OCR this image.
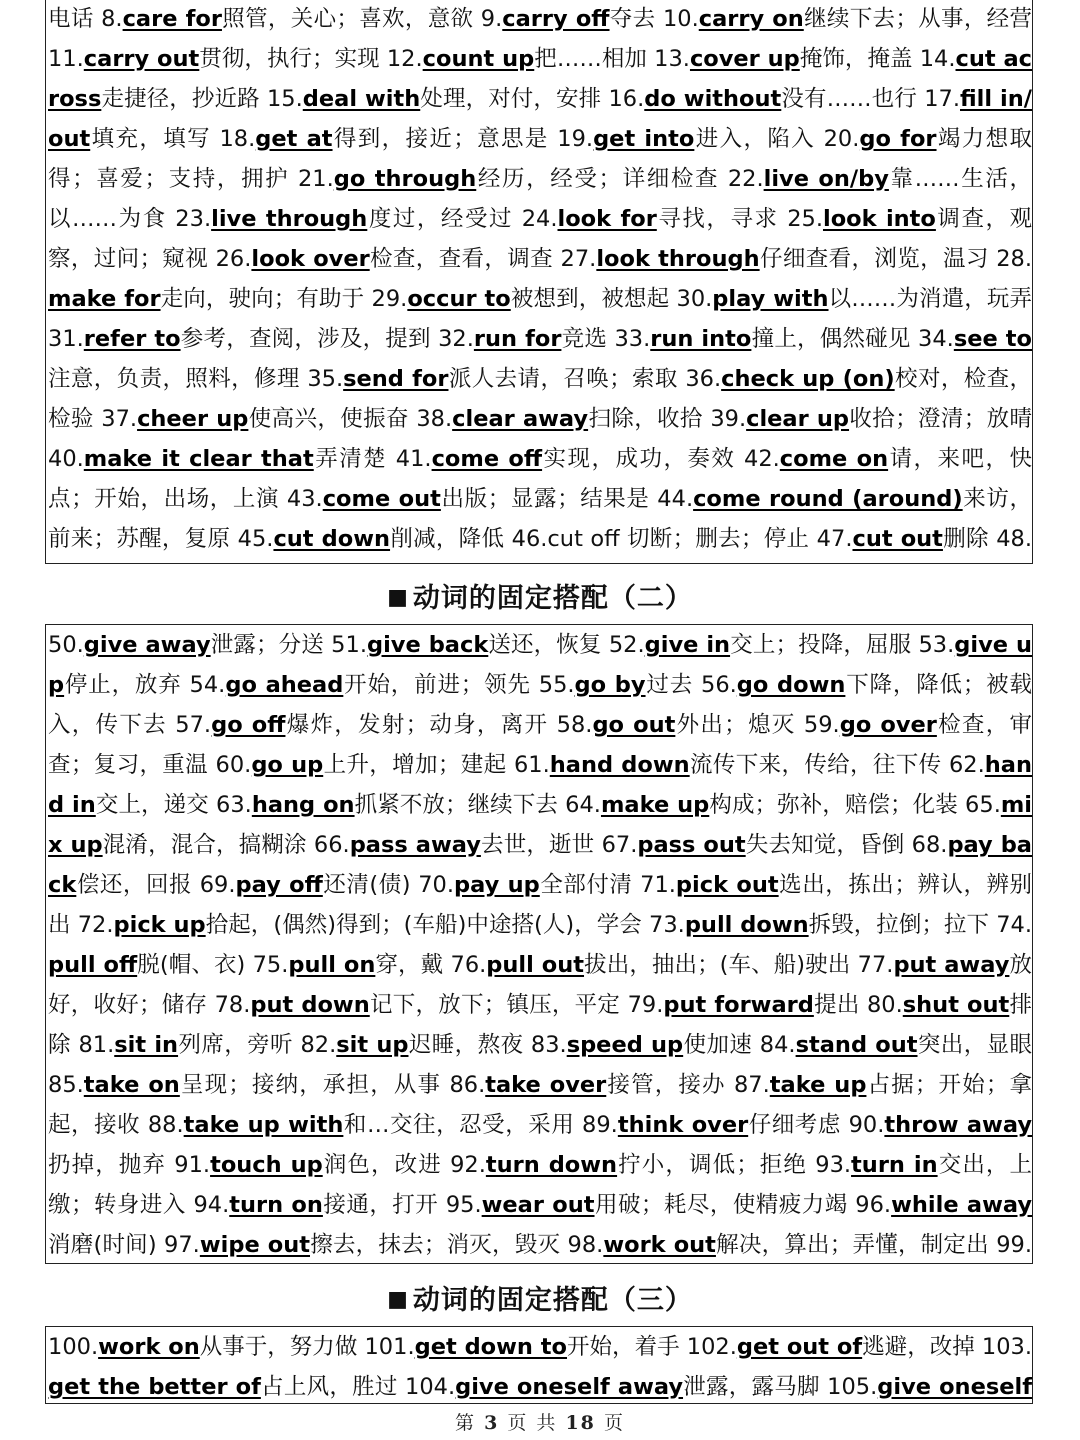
电话 8.care for照管，关心；喜欢，意欲 9.carry off夺去 10.carry on继续下去；从事，经营 11.carry out贯彻，执行；实现 12.count up把……相加 13.cover up掩饰，掩盖 14.cut across走捷径，抄近路 15.deal with处理，对付，安排 16.do without没有……也行 17.fill in/out填充，填写 18.get at得到，接近；意思是 19.get into进入，陷入 20.go for竭力想取得；喜爱；支持，拥护 21.go through经历，经受；详细检查 22.live on/by靠……生活，以……为食 23.live through度过，经受过 24.look for寻找，寻求 25.look into调查，观察，过问；窥视 26.look over检查，查看，调查 27.look through仔细查看，浏览，温习 28.make for走向，驶向；有助于 29.occur to被想到，被想起 30.play with以……为消遣，玩弄 31.refer to参考，查阅，涉及，提到 32.run for竞选 33.run into撞上，偶然碰见 34.see to注意，负责，照料，修理 35.send for派人去请，召唤；索取 36.check up (on)校对，检查，检验 37.cheer up使高兴，使振奋 38.clear away扫除，收拾 39.clear up收拾；澄清；放晴 40.make it clear that弄清楚 41.come off实现，成功，奏效 42.come on请，来吧，快点；开始，出场，上演 43.come out出版；显露；结果是 44.come round (around)来访，前来；苏醒，复原 45.cut down削减，降低 46.cut off 切断；删去；停止 47.cut out删除 48.

■ 动词的固定搭配（二）

50.give away泄露；分送 51.give back送还，恢复 52.give in交上；投降，屈服 53.give up停止，放弃 54.go ahead开始，前进；领先 55.go by过去 56.go down下降，降低；被载入，传下去 57.go off爆炸，发射；动身，离开 58.go out外出；熄灭 59.go over检查，审查；复习，重温 60.go up上升，增加；建起 61.hand down流传下来，传给，往下传 62.hand in交上，递交 63.hang on抓紧不放；继续下去 64.make up构成；弥补，赔偿；化装 65.mix up混淆，混合，搞糊涂 66.pass away去世，逝世 67.pass out失去知觉，昏倒 68.pay back偿还，回报 69.pay off还清(债) 70.pay up全部付清 71.pick out选出，拣出；辨认，辨别出 72.pick up拾起，(偶然)得到；(车船)中途搭(人)，学会 73.pull down拆毁，拉倒；拉下 74.pull off脱(帽、衣) 75.pull on穿，戴 76.pull out拔出，抽出；(车、船)驶出 77.put away放好，收好；储存 78.put down记下，放下；镇压，平定 79.put forward提出 80.shut out排除 81.sit in列席，旁听 82.sit up迟睡，熬夜 83.speed up使加速 84.stand out突出，显眼 85.take on呈现；接纳，承担，从事 86.take over接管，接办 87.take up占据；开始；拿起，接收 88.take up with和…交往，忍受，采用 89.think over仔细考虑 90.throw away扔掉，抛弃 91.touch up润色，改进 92.turn down拧小，调低；拒绝 93.turn in交出，上缴；转身进入 94.turn on接通，打开 95.wear out用破；耗尽，使精疲力竭 96.while away消磨(时间) 97.wipe out擦去，抹去；消灭，毁灭 98.work out解决，算出；弄懂，制定出 99.

■ 动词的固定搭配（三）

100.work on从事于，努力做 101.get down to开始，着手 102.get out of逃避，改掉 103.get the better of占上风，胜过 104.give oneself away泄露，露马脚 105.give oneself

第 3 页 共 18 页
